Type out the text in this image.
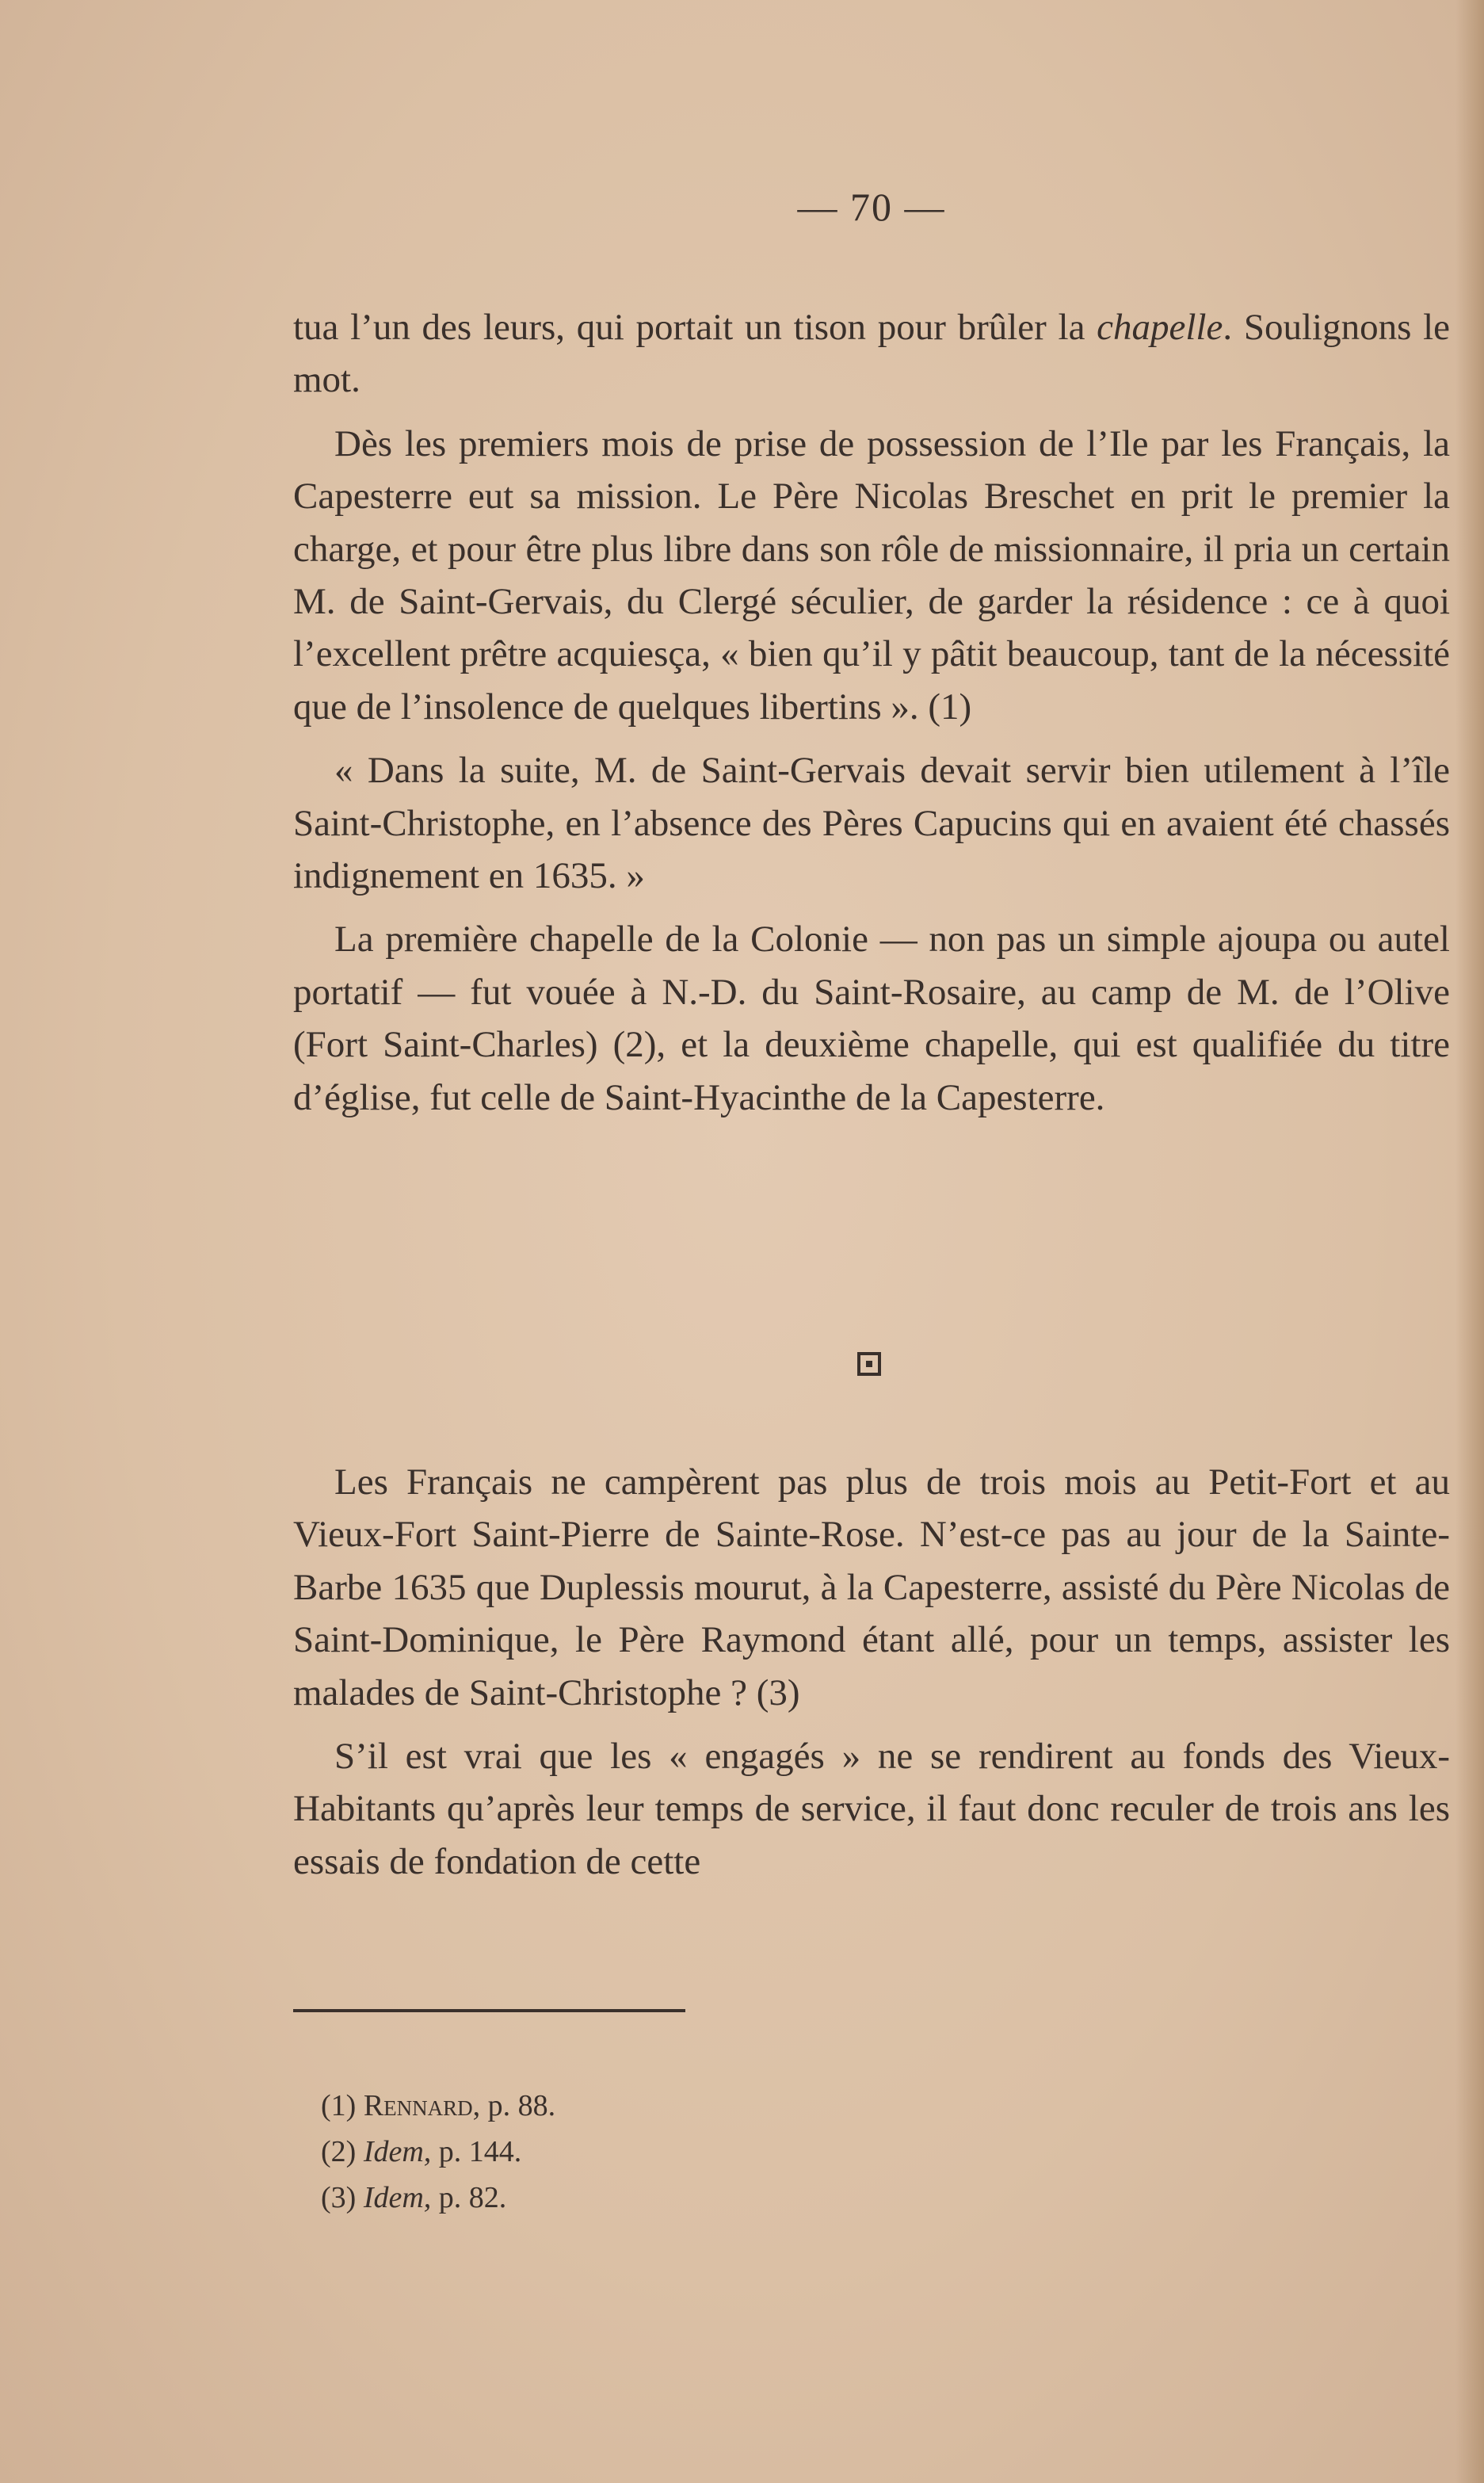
— 70 —

tua l’un des leurs, qui portait un tison pour brûler la chapelle. Soulignons le mot.

Dès les premiers mois de prise de possession de l’Ile par les Français, la Capesterre eut sa mission. Le Père Nicolas Breschet en prit le premier la charge, et pour être plus libre dans son rôle de missionnaire, il pria un certain M. de Saint-Gervais, du Clergé séculier, de garder la résidence : ce à quoi l’excellent prêtre acquiesça, « bien qu’il y pâtit beaucoup, tant de la nécessité que de l’insolence de quelques libertins ». (1)

« Dans la suite, M. de Saint-Gervais devait servir bien utilement à l’île Saint-Christophe, en l’absence des Pères Capucins qui en avaient été chassés indignement en 1635. »

La première chapelle de la Colonie — non pas un simple ajoupa ou autel portatif — fut vouée à N.-D. du Saint-Rosaire, au camp de M. de l’Olive (Fort Saint-Charles) (2), et la deuxième chapelle, qui est qualifiée du titre d’église, fut celle de Saint-Hyacinthe de la Capesterre.

Les Français ne campèrent pas plus de trois mois au Petit-Fort et au Vieux-Fort Saint-Pierre de Sainte-Rose. N’est-ce pas au jour de la Sainte-Barbe 1635 que Duplessis mourut, à la Capesterre, assisté du Père Nicolas de Saint-Dominique, le Père Raymond étant allé, pour un temps, assister les malades de Saint-Christophe ? (3)

S’il est vrai que les « engagés » ne se rendirent au fonds des Vieux-Habitants qu’après leur temps de service, il faut donc reculer de trois ans les essais de fondation de cette

(1) Rennard, p. 88.
(2) Idem, p. 144.
(3) Idem, p. 82.
